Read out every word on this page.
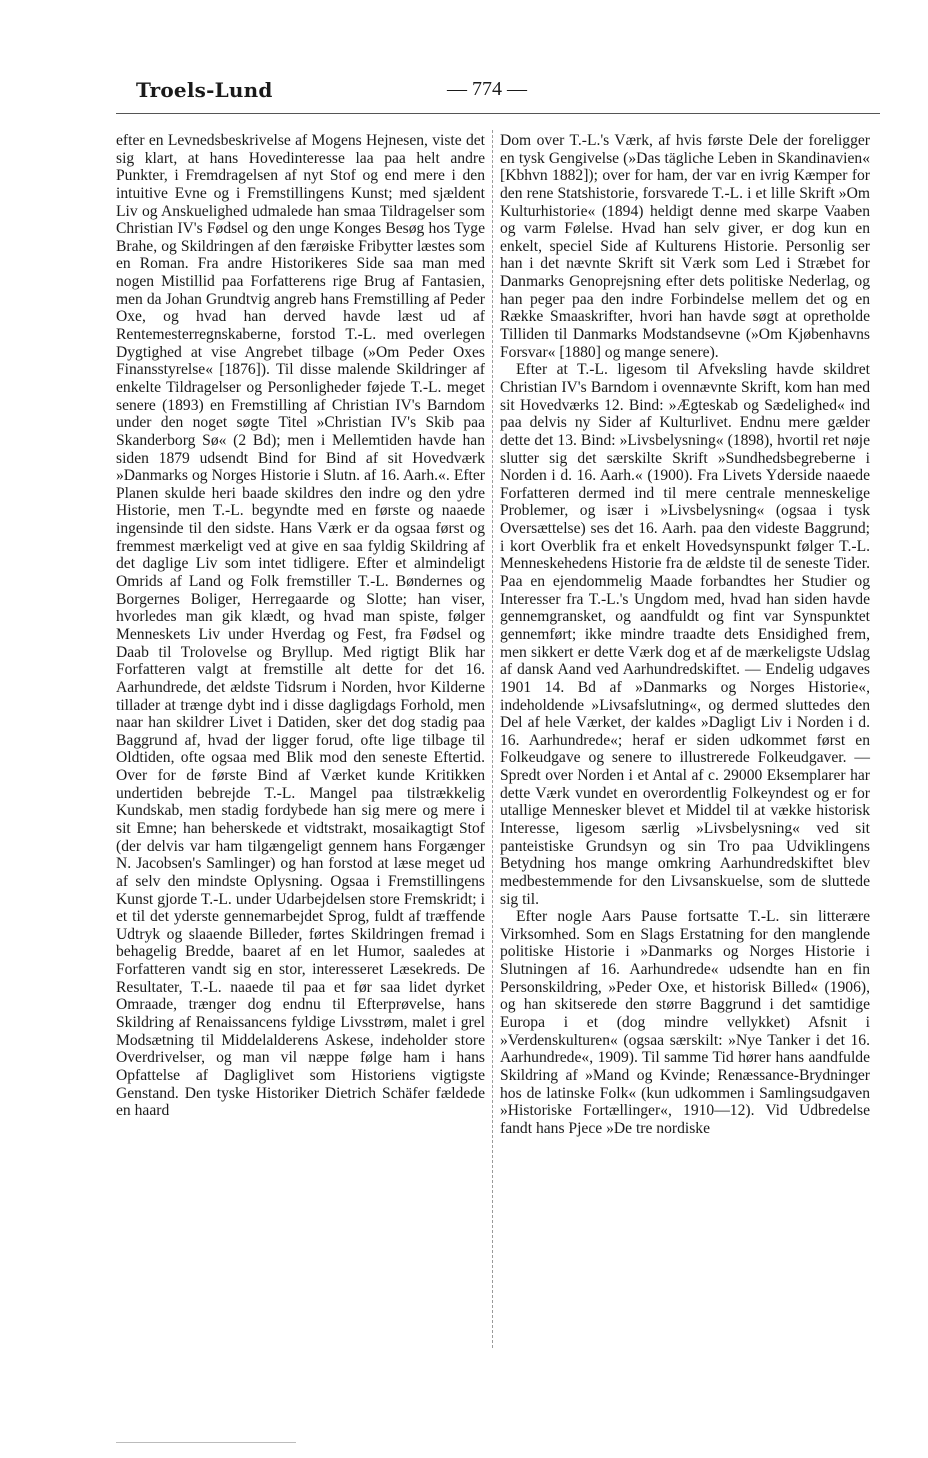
Troels-Lund	— 774 —

efter en Levnedsbeskrivelse af Mogens Hejnesen, viste det sig klart, at hans Hovedinteresse laa paa helt andre Punkter, i Fremdragelsen af nyt Stof og end mere i den intuitive Evne og i Fremstillingens Kunst; med sjældent Liv og Anskuelighed udmalede han smaa Tildragelser som Christian IV's Fødsel og den unge Konges Besøg hos Tyge Brahe, og Skildringen af den færøiske Fribytter læstes som en Roman. Fra andre Historikeres Side saa man med nogen Mistillid paa Forfatterens rige Brug af Fantasien, men da Johan Grundtvig angreb hans Fremstilling af Peder Oxe, og hvad han derved havde læst ud af Rentemesterregnskaberne, forstod T.-L. med overlegen Dygtighed at vise Angrebet tilbage (»Om Peder Oxes Finansstyrelse« [1876]). Til disse malende Skildringer af enkelte Tildragelser og Personligheder føjede T.-L. meget senere (1893) en Fremstilling af Christian IV's Barndom under den noget søgte Titel »Christian IV's Skib paa Skanderborg Sø« (2 Bd); men i Mellemtiden havde han siden 1879 udsendt Bind for Bind af sit Hovedværk »Danmarks og Norges Historie i Slutn. af 16. Aarh.«. Efter Planen skulde heri baade skildres den indre og den ydre Historie, men T.-L. begyndte med en første og naaede ingensinde til den sidste. Hans Værk er da ogsaa først og fremmest mærkeligt ved at give en saa fyldig Skildring af det daglige Liv som intet tidligere. Efter et almindeligt Omrids af Land og Folk fremstiller T.-L. Bøndernes og Borgernes Boliger, Herregaarde og Slotte; han viser, hvorledes man gik klædt, og hvad man spiste, følger Menneskets Liv under Hverdag og Fest, fra Fødsel og Daab til Trolovelse og Bryllup. Med rigtigt Blik har Forfatteren valgt at fremstille alt dette for det 16. Aarhundrede, det ældste Tidsrum i Norden, hvor Kilderne tillader at trænge dybt ind i disse dagligdags Forhold, men naar han skildrer Livet i Datiden, sker det dog stadig paa Baggrund af, hvad der ligger forud, ofte lige tilbage til Oldtiden, ofte ogsaa med Blik mod den seneste Eftertid. Over for de første Bind af Værket kunde Kritikken undertiden bebrejde T.-L. Mangel paa tilstrækkelig Kundskab, men stadig fordybede han sig mere og mere i sit Emne; han beherskede et vidtstrakt, mosaikagtigt Stof (der delvis var ham tilgængeligt gennem hans Forgænger N. Jacobsen's Samlinger) og han forstod at læse meget ud af selv den mindste Oplysning. Ogsaa i Fremstillingens Kunst gjorde T.-L. under Udarbejdelsen store Fremskridt; i et til det yderste gennemarbejdet Sprog, fuldt af træffende Udtryk og slaaende Billeder, førtes Skildringen fremad i behagelig Bredde, baaret af en let Humor, saaledes at Forfatteren vandt sig en stor, interesseret Læsekreds. De Resultater, T.-L. naaede til paa et før saa lidet dyrket Omraade, trænger dog endnu til Efterprøvelse, hans Skildring af Renaissancens fyldige Livsstrøm, malet i grel Modsætning til Middelalderens Askese, indeholder store Overdrivelser, og man vil næppe følge ham i hans Opfattelse af Dagliglivet som Historiens vigtigste Genstand. Den tyske Historiker Dietrich Schäfer fældede en haard

Dom over T.-L.'s Værk, af hvis første Dele der foreligger en tysk Gengivelse (»Das tägliche Leben in Skandinavien« [Kbhvn 1882]); over for ham, der var en ivrig Kæmper for den rene Statshistorie, forsvarede T.-L. i et lille Skrift »Om Kulturhistorie« (1894) heldigt denne med skarpe Vaaben og varm Følelse. Hvad han selv giver, er dog kun en enkelt, speciel Side af Kulturens Historie. Personlig ser han i det nævnte Skrift sit Værk som Led i Stræbet for Danmarks Genoprejsning efter dets politiske Nederlag, og han peger paa den indre Forbindelse mellem det og en Række Smaaskrifter, hvori han havde søgt at opretholde Tilliden til Danmarks Modstandsevne (»Om Kjøbenhavns Forsvar« [1880] og mange senere).

Efter at T.-L. ligesom til Afveksling havde skildret Christian IV's Barndom i ovennævnte Skrift, kom han med sit Hovedværks 12. Bind: »Ægteskab og Sædelighed« ind paa delvis ny Sider af Kulturlivet. Endnu mere gælder dette det 13. Bind: »Livsbelysning« (1898), hvortil ret nøje slutter sig det særskilte Skrift »Sundhedsbegreberne i Norden i d. 16. Aarh.« (1900). Fra Livets Yderside naaede Forfatteren dermed ind til mere centrale menneskelige Problemer, og især i »Livsbelysning« (ogsaa i tysk Oversættelse) ses det 16. Aarh. paa den videste Baggrund; i kort Overblik fra et enkelt Hovedsynspunkt følger T.-L. Menneskehedens Historie fra de ældste til de seneste Tider. Paa en ejendommelig Maade forbandtes her Studier og Interesser fra T.-L.'s Ungdom med, hvad han siden havde gennemgransket, og aandfuldt og fint var Synspunktet gennemført; ikke mindre traadte dets Ensidighed frem, men sikkert er dette Værk dog et af de mærkeligste Udslag af dansk Aand ved Aarhundredskiftet. — Endelig udgaves 1901 14. Bd af »Danmarks og Norges Historie«, indeholdende »Livsafslutning«, og dermed sluttedes den Del af hele Værket, der kaldes »Dagligt Liv i Norden i d. 16. Aarhundrede«; heraf er siden udkommet først en Folkeudgave og senere to illustrerede Folkeudgaver. — Spredt over Norden i et Antal af c. 29000 Eksemplarer har dette Værk vundet en overordentlig Folkeyndest og er for utallige Mennesker blevet et Middel til at vække historisk Interesse, ligesom særlig »Livsbelysning« ved sit panteistiske Grundsyn og sin Tro paa Udviklingens Betydning hos mange omkring Aarhundredskiftet blev medbestemmende for den Livsanskuelse, som de sluttede sig til.

Efter nogle Aars Pause fortsatte T.-L. sin litterære Virksomhed. Som en Slags Erstatning for den manglende politiske Historie i »Danmarks og Norges Historie i Slutningen af 16. Aarhundrede« udsendte han en fin Personskildring, »Peder Oxe, et historisk Billed« (1906), og han skitserede den større Baggrund i det samtidige Europa i et (dog mindre vellykket) Afsnit i »Verdenskulturen« (ogsaa særskilt: »Nye Tanker i det 16. Aarhundrede«, 1909). Til samme Tid hører hans aandfulde Skildring af »Mand og Kvinde; Renæssance-Brydninger hos de latinske Folk« (kun udkommen i Samlingsudgaven »Historiske Fortællinger«, 1910—12). Vid Udbredelse fandt hans Pjece »De tre nordiske
